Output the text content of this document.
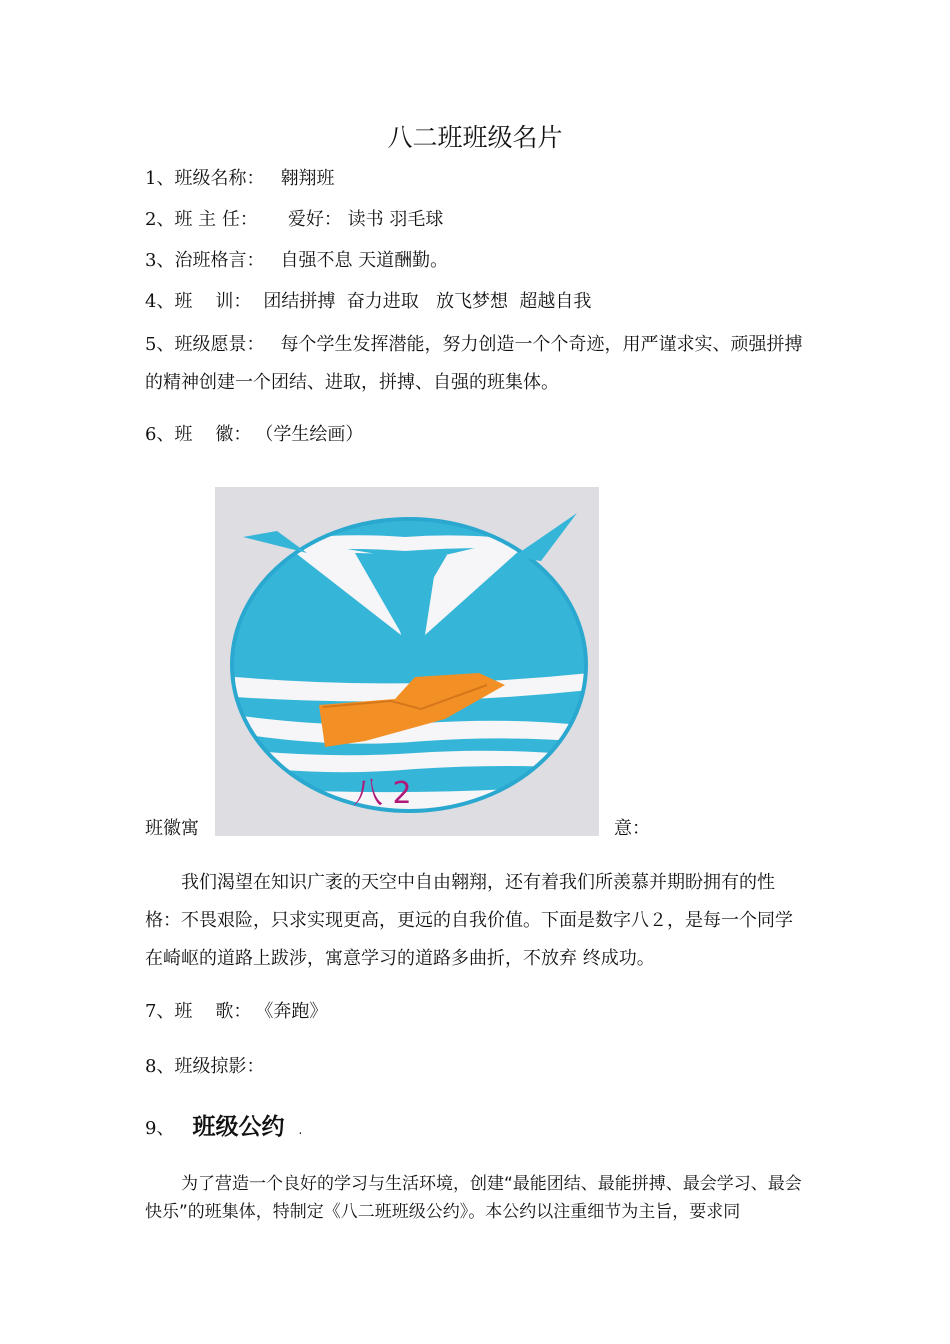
八二班班级名片
1、班级名称： 翱翔班
2、班 主 任： 爱好： 读书 羽毛球
3、治班格言： 自强不息 天道酬勤。
4、班    训： 团结拼搏  奋力进取   放飞梦想  超越自我
5、班级愿景： 每个学生发挥潜能，努力创造一个个奇迹，用严谨求实、顽强拼搏的精神创建一个团结、进取，拼搏、自强的班集体。
6、班    徽： （学生绘画）
八 2
班徽寓	意：
我们渴望在知识广袤的天空中自由翱翔，还有着我们所羡慕并期盼拥有的性格：不畏艰险，只求实现更高，更远的自我价值。下面是数字八２，是每一个同学在崎岖的道路上跋涉，寓意学习的道路多曲折，不放弃 终成功。
7、班    歌： 《奔跑》
8、班级掠影：
9、 班级公约 .
为了营造一个良好的学习与生活环境，创建“最能团结、最能拼搏、最会学习、最会快乐”的班集体，特制定《八二班班级公约》。本公约以注重细节为主旨，要求同
